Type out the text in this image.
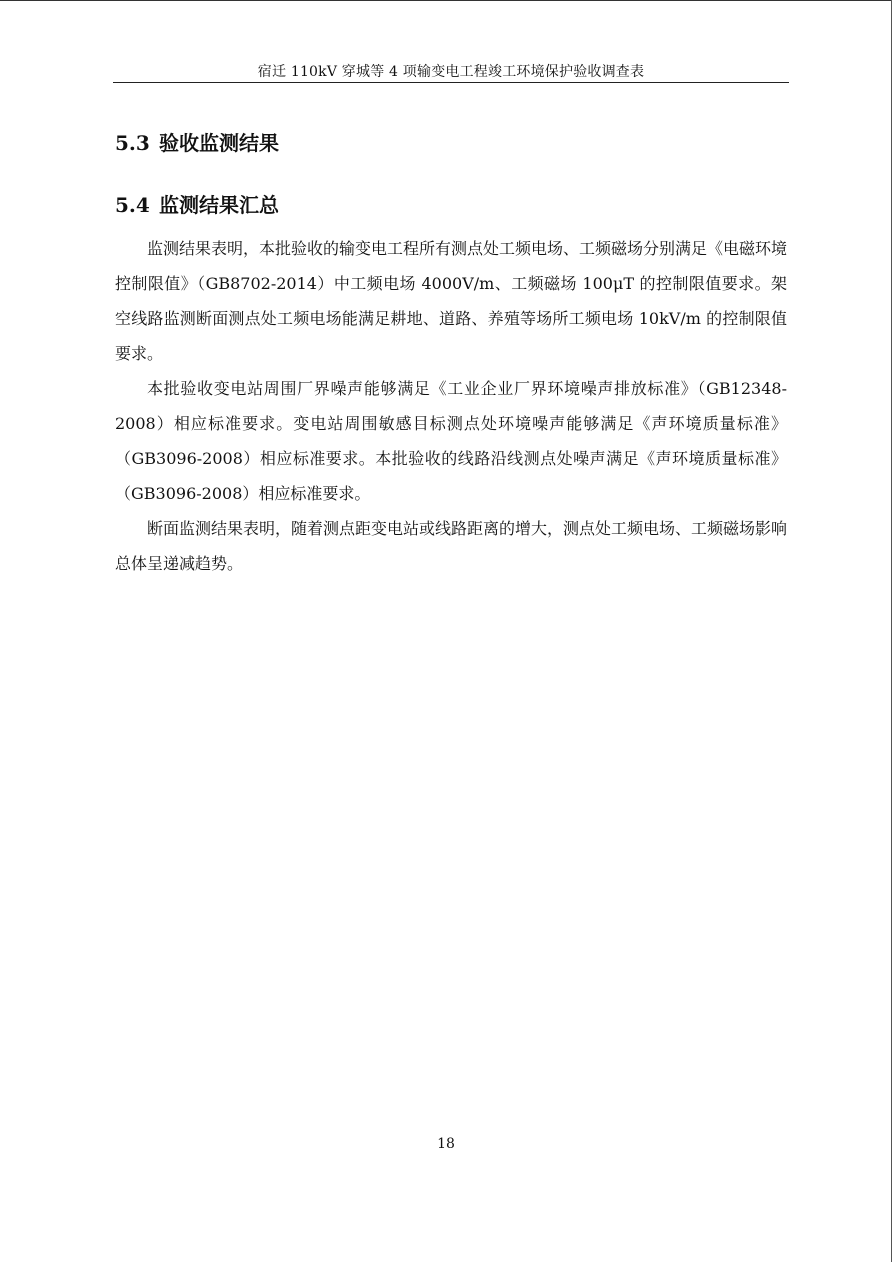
宿迁 110kV 穿城等 4 项输变电工程竣工环境保护验收调查表
5.3 验收监测结果
5.4 监测结果汇总

监测结果表明，本批验收的输变电工程所有测点处工频电场、工频磁场分别满足《电磁环境控制限值》（GB8702-2014）中工频电场 4000V/m、工频磁场 100μT 的控制限值要求。架空线路监测断面测点处工频电场能满足耕地、道路、养殖等场所工频电场 10kV/m 的控制限值要求。

本批验收变电站周围厂界噪声能够满足《工业企业厂界环境噪声排放标准》（GB12348-2008）相应标准要求。变电站周围敏感目标测点处环境噪声能够满足《声环境质量标准》（GB3096-2008）相应标准要求。本批验收的线路沿线测点处噪声满足《声环境质量标准》（GB3096-2008）相应标准要求。

断面监测结果表明，随着测点距变电站或线路距离的增大，测点处工频电场、工频磁场影响总体呈递减趋势。

18
